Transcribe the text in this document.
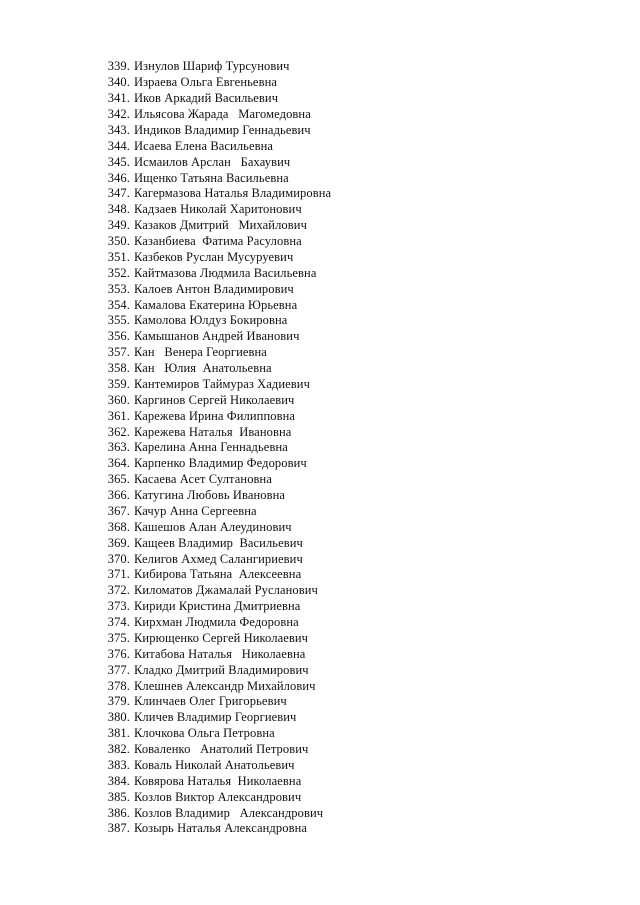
339. Изнулов Шариф Турсунович
340. Израева Ольга Евгеньевна
341. Иков Аркадий Васильевич
342. Ильясова Жарада   Магомедовна
343. Индиков Владимир Геннадьевич
344. Исаева Елена Васильевна
345. Исмаилов Арслан   Бахаувич
346. Ищенко Татьяна Васильевна
347. Кагермазова Наталья Владимировна
348. Кадзаев Николай Харитонович
349. Казаков Дмитрий   Михайлович
350. Казанбиева  Фатима Расуловна
351. Казбеков Руслан Мусуруевич
352. Кайтмазова Людмила Васильевна
353. Калоев Антон Владимирович
354. Камалова Екатерина Юрьевна
355. Камолова Юлдуз Бокировна
356. Камышанов Андрей Иванович
357. Кан   Венера Георгиевна
358. Кан   Юлия  Анатольевна
359. Кантемиров Таймураз Хадиевич
360. Каргинов Сергей Николаевич
361. Карежева Ирина Филипповна
362. Карежева Наталья  Ивановна
363. Карелина Анна Геннадьевна
364. Карпенко Владимир Федорович
365. Касаева Асет Султановна
366. Катугина Любовь Ивановна
367. Качур Анна Сергеевна
368. Кашешов Алан Алеудинович
369. Кащеев Владимир  Васильевич
370. Келигов Ахмед Салангириевич
371. Кибирова Татьяна  Алексеевна
372. Киломатов Джамалай Русланович
373. Кириди Кристина Дмитриевна
374. Кирхман Людмила Федоровна
375. Кирющенко Сергей Николаевич
376. Китабова Наталья   Николаевна
377. Кладко Дмитрий Владимирович
378. Клешнев Александр Михайлович
379. Клинчаев Олег Григорьевич
380. Кличев Владимир Георгиевич
381. Клочкова Ольга Петровна
382. Коваленко   Анатолий Петрович
383. Коваль Николай Анатольевич
384. Ковярова Наталья  Николаевна
385. Козлов Виктор Александрович
386. Козлов Владимир   Александрович
387. Козырь Наталья Александровна
